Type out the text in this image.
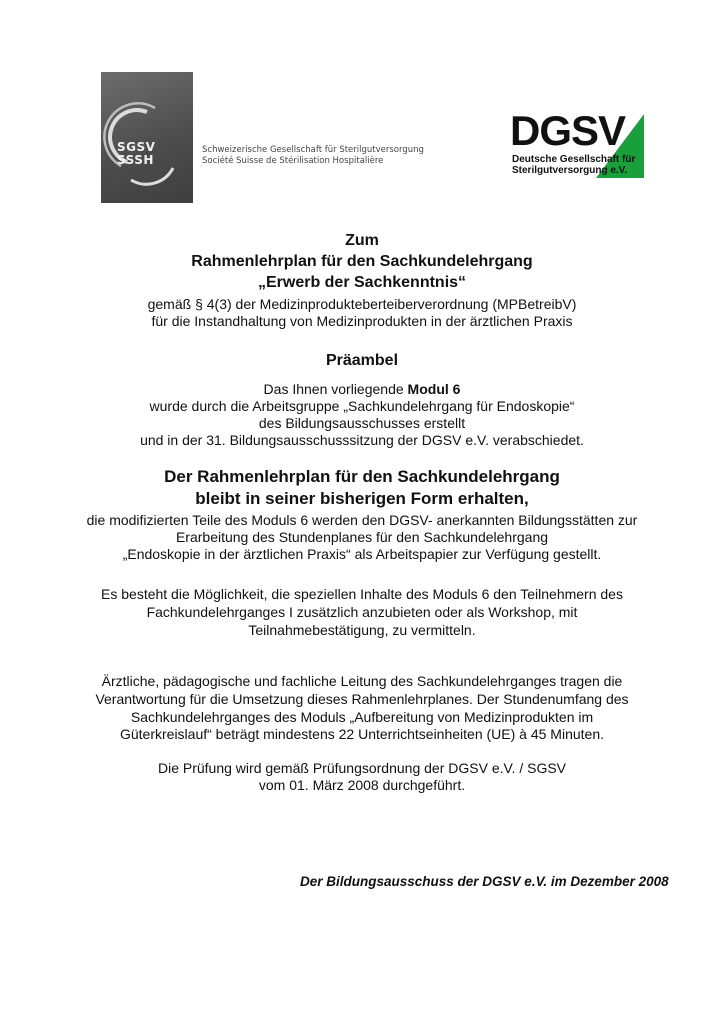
SGSV
SSSH
Schweizerische Gesellschaft für Sterilgutversorgung
Société Suisse de Stérilisation Hospitalière
DGSV
Deutsche Gesellschaft für
Sterilgutversorgung e.V.
Zum
Rahmenlehrplan für den Sachkundelehrgang
„Erwerb der Sachkenntnis“
gemäß § 4(3) der Medizinprodukteberteiberverordnung (MPBetreibV)
für die Instandhaltung von Medizinprodukten in der ärztlichen Praxis
Präambel
Das Ihnen vorliegende Modul 6
wurde durch die Arbeitsgruppe „Sachkundelehrgang für Endoskopie“
des Bildungsausschusses erstellt
und in der 31. Bildungsausschusssitzung der DGSV e.V. verabschiedet.
Der Rahmenlehrplan für den Sachkundelehrgang
bleibt in seiner bisherigen Form erhalten,
die modifizierten Teile des Moduls 6 werden den DGSV- anerkannten Bildungsstätten zur
Erarbeitung des Stundenplanes für den Sachkundelehrgang
„Endoskopie in der ärztlichen Praxis“ als Arbeitspapier zur Verfügung gestellt.
Es besteht die Möglichkeit, die speziellen Inhalte des Moduls 6 den Teilnehmern des
Fachkundelehrganges I zusätzlich anzubieten oder als Workshop, mit
Teilnahmebestätigung, zu vermitteln.
Ärztliche, pädagogische und fachliche Leitung des Sachkundelehrganges tragen die
Verantwortung für die Umsetzung dieses Rahmenlehrplanes. Der Stundenumfang des
Sachkundelehrganges des Moduls „Aufbereitung von Medizinprodukten im
Güterkreislauf“ beträgt mindestens 22 Unterrichtseinheiten (UE) à 45 Minuten.
Die Prüfung wird gemäß Prüfungsordnung der DGSV e.V. / SGSV
vom 01. März 2008 durchgeführt.
Der Bildungsausschuss der DGSV e.V. im Dezember 2008
